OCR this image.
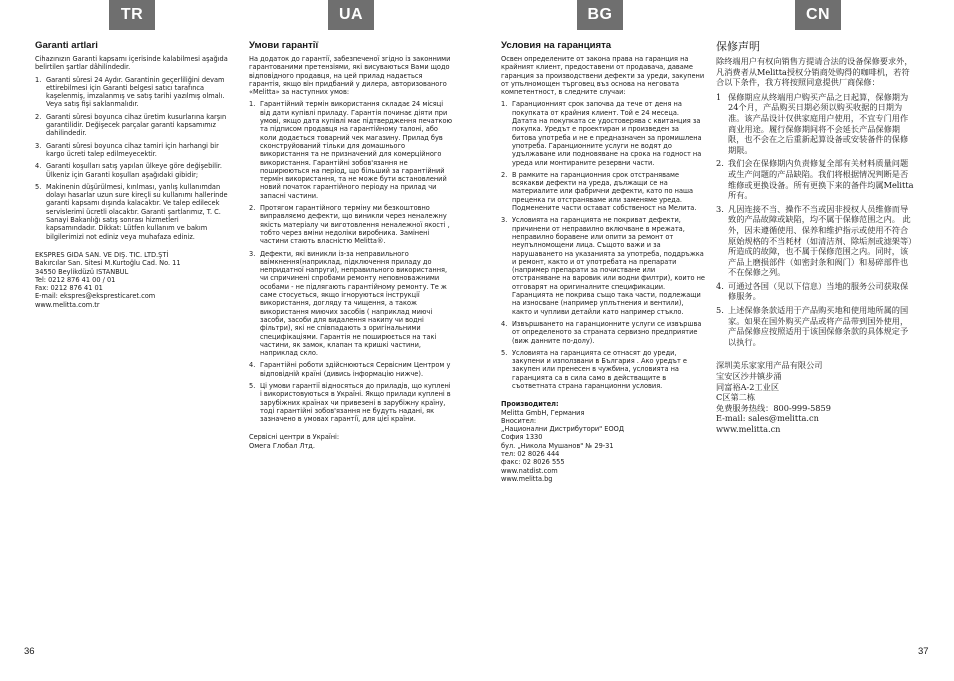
TR

Garanti artlari

Cihazınızın Garanti kapsamı içerisinde kalabilmesi aşağıda belirtilen şartlar dâhilindedir.

1. Garanti süresi 24 Aydır. Garantinin geçerliliğini devam ettirebilmesi için Garanti belgesi satıcı tarafınca kaşelenmiş, imzalanmış ve satış tarihi yazılmış olmalı. Veya satış fişi saklanmalıdır.
2. Garanti süresi boyunca cihaz üretim kusurlarına karşın garantilidir. Değişecek parçalar garanti kapsamımız dahilindedir.
3. Garanti süresi boyunca cihaz tamiri için harhangi bir kargo ücreti talep edilmeyecektir.
4. Garanti koşulları satış yapılan ülkeye göre değişebilir. Ülkeniz için Garanti koşulları aşağıdaki gibidir;
5. Makinenin düşürülmesi, kırılması, yanlış kullanımdan dolayı hasarlar uzun sure kireçli su kullanımı hallerinde garanti kapsamı dışında kalacaktır. Ve talep edilecek servislerimi ücretli olacaktır. Garanti şartlarımız, T. C. Sanayi Bakanlığı satış sonrası hizmetleri kapsamındadır. Dikkat: Lütfen kullanım ve bakım bilgilerimizi not ediniz veya muhafaza ediniz.

EKSPRES GIDA SAN. VE DIŞ. TIC. LTD.ŞTİ

Bakırcılar San. Sitesi M.Kurtoğlu Cad. No. 11

34550 Beylikdüzü ISTANBUL

Tel: 0212 876 41 00 / 01

Fax: 0212 876 41 01

E-mail: ekspres@ekspresticaret.com

www.melitta.com.tr

36
UA

Умови гарантії

На додаток до гарантії, забезпеченої згідно із законними гарантованими претензіями, які висуваються Вами щодо відповідного продавця, на цей прилад надається гарантія, якщо він придбаний у дилера, авторизованого «Melitta» за наступних умов:

1. Гарантійний термін використання складає 24 місяці від дати купівлі приладу. Гарантія починає діяти при умові, якщо дата купівлі має підтвердження печаткою та підписом продавця на гарантійному талоні, або коли додається товарний чек магазину. Прилад був сконструйований тільки для домашнього використання та не призначений для комерційного використання. Гарантійні зобов'язання не поширюються на період, що більший за гарантійний термін використання, та не може бути встановлений новий початок гарантійного періоду на прилад чи запасні частини.
2. Протягом гарантійного терміну ми безкоштовно виправляємо дефекти, що виникли через неналежну якість матеріалу чи виготовлення неналежної якості , тобто через вміни недоліки виробника. Замінені частини стають власністю Melitta®.
3. Дефекти, які виникли із-за неправильного ввімкнення(наприклад, підключення приладу до непридатної напруги), неправильного використання, чи спричиненi спробами ремонту неповноважними особами - не підлягають гарантійному ремонту. Те ж саме стосується, якщо ігноруються інструкції використання, догляду та чищення, а також використання миючих засобів ( наприклад миючі засоби, засоби для видалення накипу чи водні фільтри), які не співпадають з оригінальними специфікаціями. Гарантія не поширюється на такі частини, як замок, клапан та кришкі частини, наприклад скло.
4. Гарантійні роботи здійснюються Сервісним Центром у відповідній країні (дивись інформацію нижче).
5. Ці умови гарантії відносяться до приладів, що куплені і використовуються в Україні. Якщо прилади куплені в зарубіжних країнах чи привезені в зарубіжну країну, тоді гарантійні зобов'язання не будуть надані, як зазначено в умовах гарантії, для цієї країни.

Сервісні центри в Україні:

Омега Глобал Лтд.

BG

Условия на гаранцията

Освен определените от закона права на гаранция на крайният клиент, предоставени от продавача, даваме гаранция за производствени дефекти за уреди, закупени от упълномощен търговец въз основа на неговата компетентност, в следните случаи:

1. Гаранционният срок започва да тече от деня на покупката от крайния клиент. Той е 24 месеца. Датата на покупката се удостоверява с квитанция за покупка. Уредът е проектиран и произведен за битова употреба и не е предназначен за промишлена употреба. Гаранционните услуги не водят до удължаване или подновяване на срока на годност на уреда или монтираните резервни части.
2. В рамките на гаранционния срок отстраняваме всякакви дефекти на уреда, дължащи се на материалите или фабрични дефекти, като по наша преценка ги отстраняваме или заменяме уреда. Подменените части остават собственост на Мелита.
3. Условията на гаранцията не покриват дефекти, причинени от неправилно включване в мрежата, неправилно боравене или опити за ремонт от неупълномощени лица. Същото важи и за нарушаването на указанията за употреба, поддръжка и ремонт, както и от употребата на препарати (например препарати за почистване или отстраняване на варовик или водни филтри), които не отговарят на оригиналните спецификации. Гаранцията не покрива също така части, подлежащи на износване (например уплътнения и вентили), както и чупливи детайли като например стъкло.
4. Извършването на гаранционните услуги се извършва от определеното за страната сервизно предприятие (виж данните по-долу).
5. Условията на гаранцията се отнасят до уреди, закупени и използвани в България . Ако уредът е закупен или пренесен в чужбина, условията на гаранцията са в сила само в действащите в съответната страна гаранционни условия.

Производител:

Melitta GmbH, Германия

Вносител:

„Национални Дистрибутори" ЕООД

София 1330

бул. „Никола Мушанов" № 29-31

тел: 02 8026 444

факс: 02 8026 555

www.natdist.com

www.melitta.bg

CN

保修声明

除终端用户有权向销售方提请合法的设备保修要求外，凡消费者从Melitta授权分销商处购得的咖啡机，若符合以下条件，我方将按照同意提供厂商保修：

1 保修期应从终端用户购买产品之日起算，保修期为24个月，产品购买日期必须以购买收据的日期为准。该产品设计仅供家庭用户使用，不宜专门用作商业用途。履行保修期间将不会延长产品保修期限，也不会在之后重新起算设备或安装备件的保修期限。
2. 我们会在保修期内负责修复全部有关材料质量问题或生产问题的产品缺陷。我们将根据情况判断是否维修或更换设备。所有更换下来的备件均属Melitta所有。
3. 凡因连接不当、操作不当或因非授权人员维修而导致的产品故障或缺陷，均不属于保修范围之内。 此外，因未遵循使用、保养和维护指示或使用不符合原始规格的不当耗材（如清洁剂、除垢剂或滤架等）所造成的故障，也不属于保修范围之内。同时，该产品上磨损部件（如密封条和阀门）和易碎部件也不在保修之列。
4. 可通过各国（见以下信息）当地的服务公司获取保修服务。
5. 上述保修条款适用于产品购买地和使用地所属的国家。如果在国外购买产品或将产品带到国外使用，产品保修应按照适用于该国保修条款的具体规定予以执行。

深圳美乐家家用产品有限公司

宝安区沙井镇步涌

同富裕A-2工业区

C区第二栋

免费服务热线：800-999-5859

E-mail: sales@melitta.cn

www.melitta.cn

37
